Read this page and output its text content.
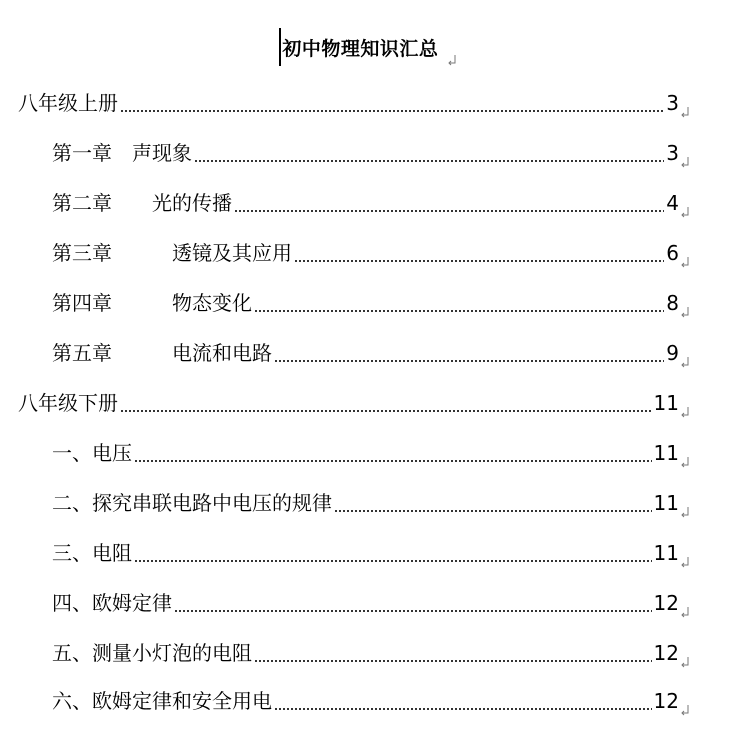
初中物理知识汇总
八年级上册	3
第一章　声现象	3
第二章　　光的传播	4
第三章　　　透镜及其应用	6
第四章　　　物态变化	8
第五章　　　电流和电路	9
八年级下册	11
一、电压	11
二、探究串联电路中电压的规律	11
三、电阻	11
四、欧姆定律	12
五、测量小灯泡的电阻	12
六、欧姆定律和安全用电	12
